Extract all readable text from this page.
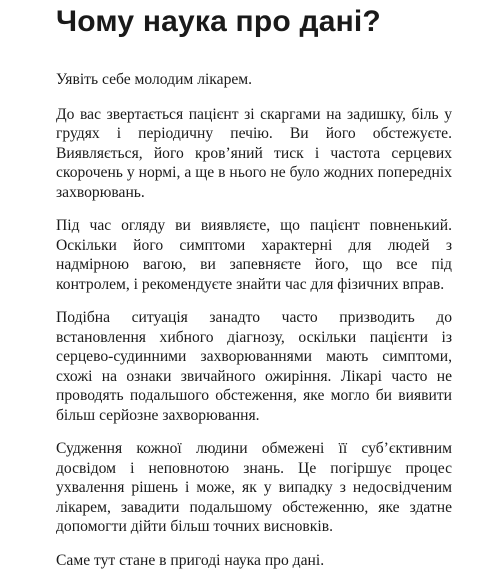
Чому наука про дані?

Уявіть себе молодим лікарем.

До вас звертається пацієнт зі скаргами на задишку, біль у грудях і періодичну печію. Ви його обстежуєте. Виявляється, його кров’яний тиск і частота серцевих скорочень у нормі, а ще в нього не було жодних попередніх захворювань.

Під час огляду ви виявляєте, що пацієнт повненький. Оскільки його симптоми характерні для людей з надмірною вагою, ви запевняєте його, що все під контролем, і рекомендуєте знайти час для фізичних вправ.

Подібна ситуація занадто часто призводить до встановлення хибного діагнозу, оскільки пацієнти із серцево-судинними захворюваннями мають симптоми, схожі на ознаки звичайного ожиріння. Лікарі часто не проводять подальшого обстеження, яке могло би виявити більш серйозне захворювання.

Судження кожної людини обмежені її суб’єктивним досвідом і неповнотою знань. Це погіршує процес ухвалення рішень і може, як у випадку з недосвідченим лікарем, завадити подальшому обстеженню, яке здатне допомогти дійти більш точних висновків.

Саме тут стане в пригоді наука про дані.
